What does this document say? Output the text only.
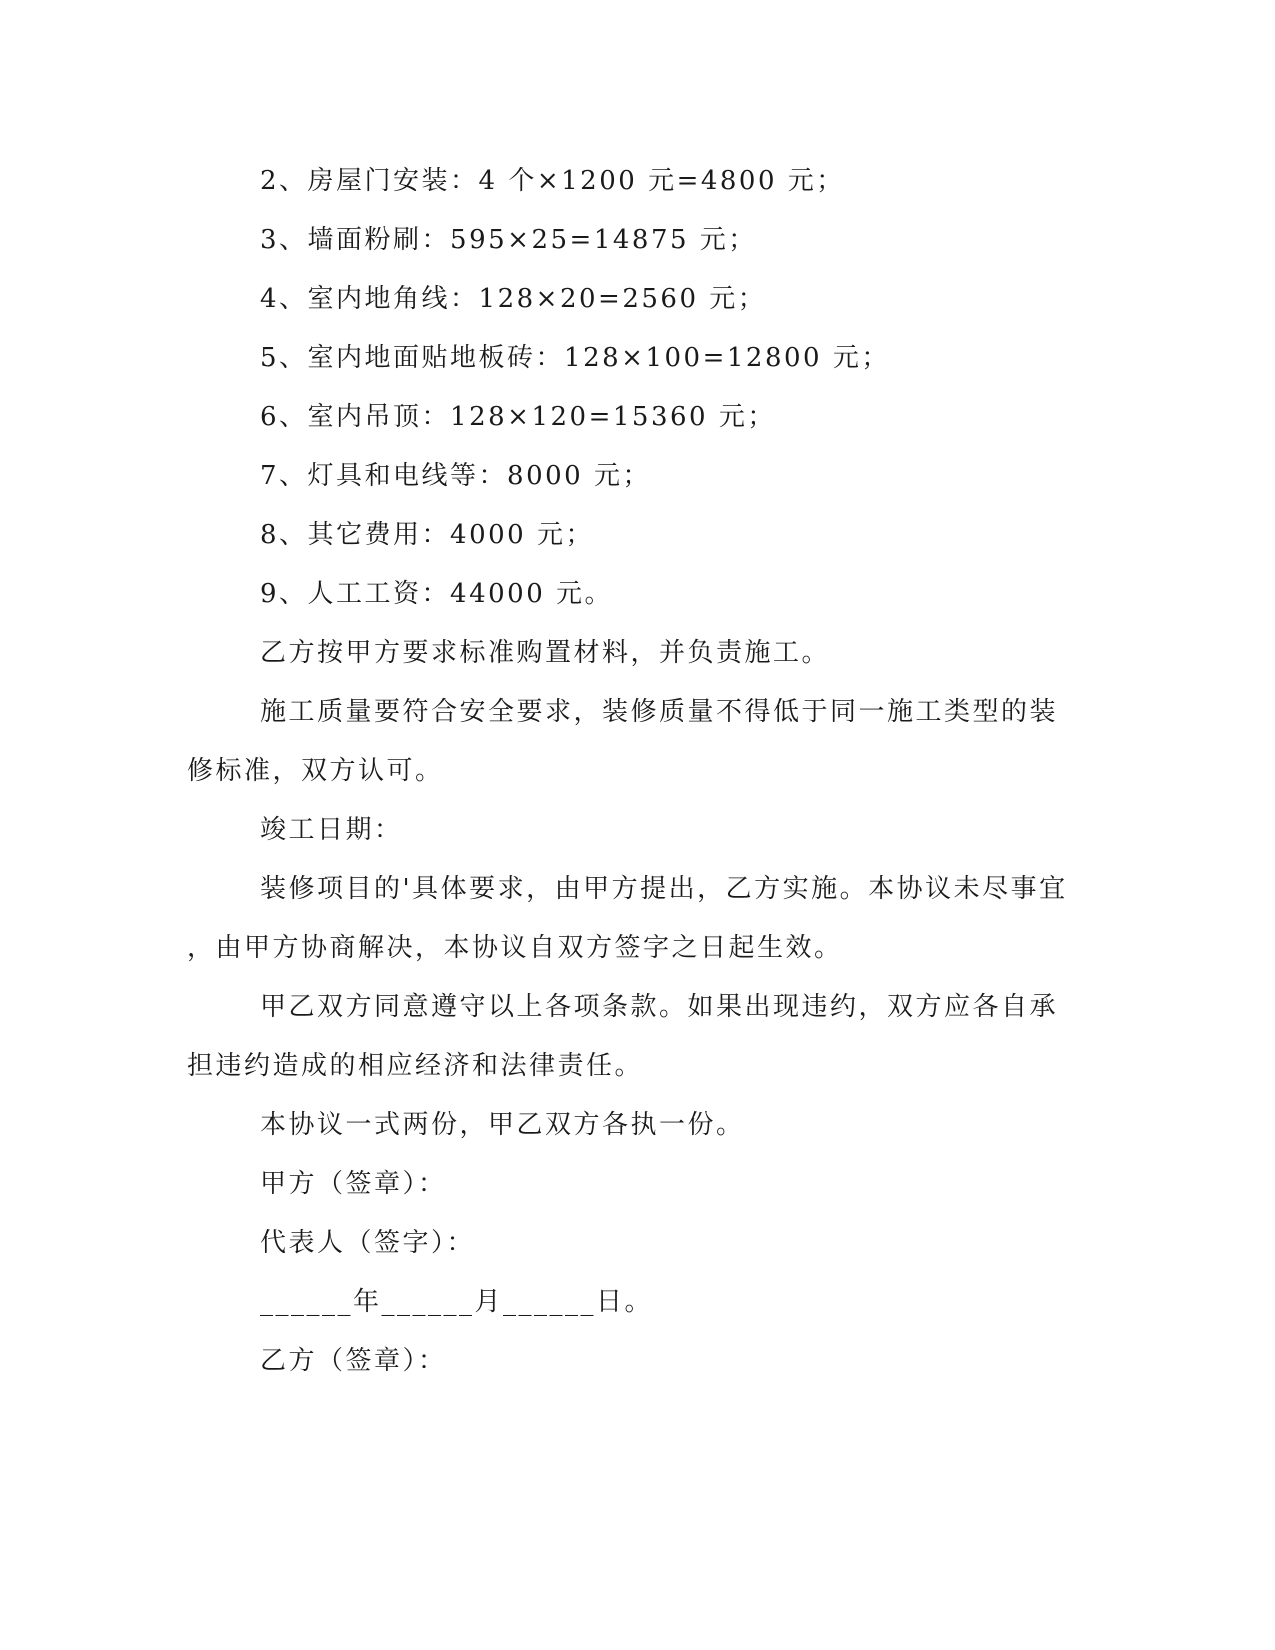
2、房屋门安装：4 个×1200 元=4800 元；
3、墙面粉刷：595×25=14875 元；
4、室内地角线：128×20=2560 元；
5、室内地面贴地板砖：128×100=12800 元；
6、室内吊顶：128×120=15360 元；
7、灯具和电线等：8000 元；
8、其它费用：4000 元；
9、人工工资：44000 元。
乙方按甲方要求标准购置材料，并负责施工。
施工质量要符合安全要求，装修质量不得低于同一施工类型的装
修标准，双方认可。
竣工日期：
装修项目的'具体要求，由甲方提出，乙方实施。本协议未尽事宜
，由甲方协商解决，本协议自双方签字之日起生效。
甲乙双方同意遵守以上各项条款。如果出现违约，双方应各自承
担违约造成的相应经济和法律责任。
本协议一式两份，甲乙双方各执一份。
甲方（签章）：
代表人（签字）：
______年______月______日。
乙方（签章）：
